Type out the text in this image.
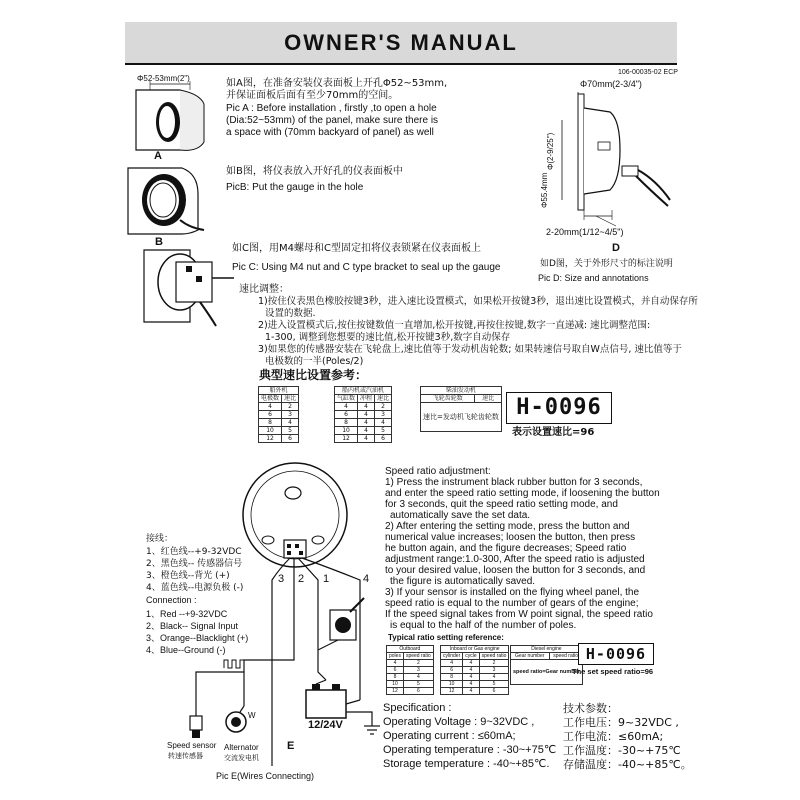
OWNER'S MANUAL
106-00035-02 ECP
Φ52-53mm(2")
A
如A图，在准备安装仪表面板上开孔Φ52~53mm,
并保证面板后面有至少70mm的空间。
Pic A : Before installation , firstly ,to open a hole
(Dia:52~53mm) of the panel, make sure there is
a space with (70mm backyard of panel) as well
B
如B图，将仪表放入开好孔的仪表面板中
PicB: Put the gauge in the hole
如C图，用M4螺母和C型固定扣将仪表锁紧在仪表面板上
Pic C: Using M4 nut and C type bracket to seal up the gauge
Φ70mm(2-3/4")
Φ55.4mm
Φ(2-9/25")
2-20mm(1/12~4/5")
D
如D图，关于外形尺寸的标注说明
Pic D: Size and annotations
速比调整：
1)按住仪表黑色橡胶按键3秒，进入速比设置模式，如果松开按键3秒，退出速比设置模式，并自动保存所
设置的数据.
2)进入设置模式后,按住按键数值一直增加,松开按键,再按住按键,数字一直递减: 速比调整范围:
1-300, 调整到您想要的速比值,松开按键3秒,数字自动保存
3)如果您的传感器安装在飞轮盘上,速比值等于发动机齿轮数; 如果转速信号取自W点信号, 速比值等于
电极数的一半(Poles/2)
典型速比设置参考：
船外机	
电极数	速比
4	2
6	3
8	4
10	5
12	6
船内机或汽油机		
气缸数	冲程	速比
4	4	2
6	4	3
8	4	4
10	4	5
12	4	6
柴油发动机
飞轮齿轮数	速比
速比=发动机飞轮齿轮数 H-0096
表示设置速比=96
Speed ratio adjustment:
1) Press the instrument black rubber button for 3 seconds,
and enter the speed ratio setting mode, if loosening the button
for 3 seconds, quit the speed ratio setting mode, and
automatically save the set data.
2) After entering the setting mode, press the button and
numerical value increases; loosen the button, then press
he button again, and the figure decreases; Speed ratio
adjustment range:1.0-300, After the speed ratio is adjusted
to your desired value, loosen the button for 3 seconds, and
the figure is automatically saved.
3) If your sensor is installed on the flying wheel panel, the
speed ratio is equal to the number of gears of the engine;
If the speed signal takes from W point signal, the speed ratio
is equal to the half of the number of poles.
Typical ratio setting reference:
Outboard	
poles	speed ratio
4	2
6	3
8	4
10	5
12	6
Inboard or Gas engine		
cylinder	cycle	speed ratio
4	4	2
6	4	3
8	4	4
10	4	5
12	4	6
Diesel engine
Gear number	speed ratio
speed ratio=Gear number
H-0096
The set speed ratio=96
接线：
1、红色线--+9-32VDC
2、黑色线-- 传感器信号
3、橙色线--背光 (+)
4、蓝色线--电源负极 (-)
Connection :
1、Red --+9-32VDC
2、Black-- Signal Input
3、Orange--Blacklight (+)
4、Blue--Ground (-)
3 2 1	4
12/24V
W
Speed sensor
转速传感器
Alternator
交流发电机
E
Pic E(Wires Connecting)
Specification :
Operating Voltage : 9~32VDC ,
Operating current : ≤60mA;
Operating temperature : -30~+75℃
Storage temperature : -40~+85℃.
技术参数：
工作电压：9~32VDC ,
工作电流：≤60mA;
工作温度：-30~+75℃
存储温度：-40~+85℃。
